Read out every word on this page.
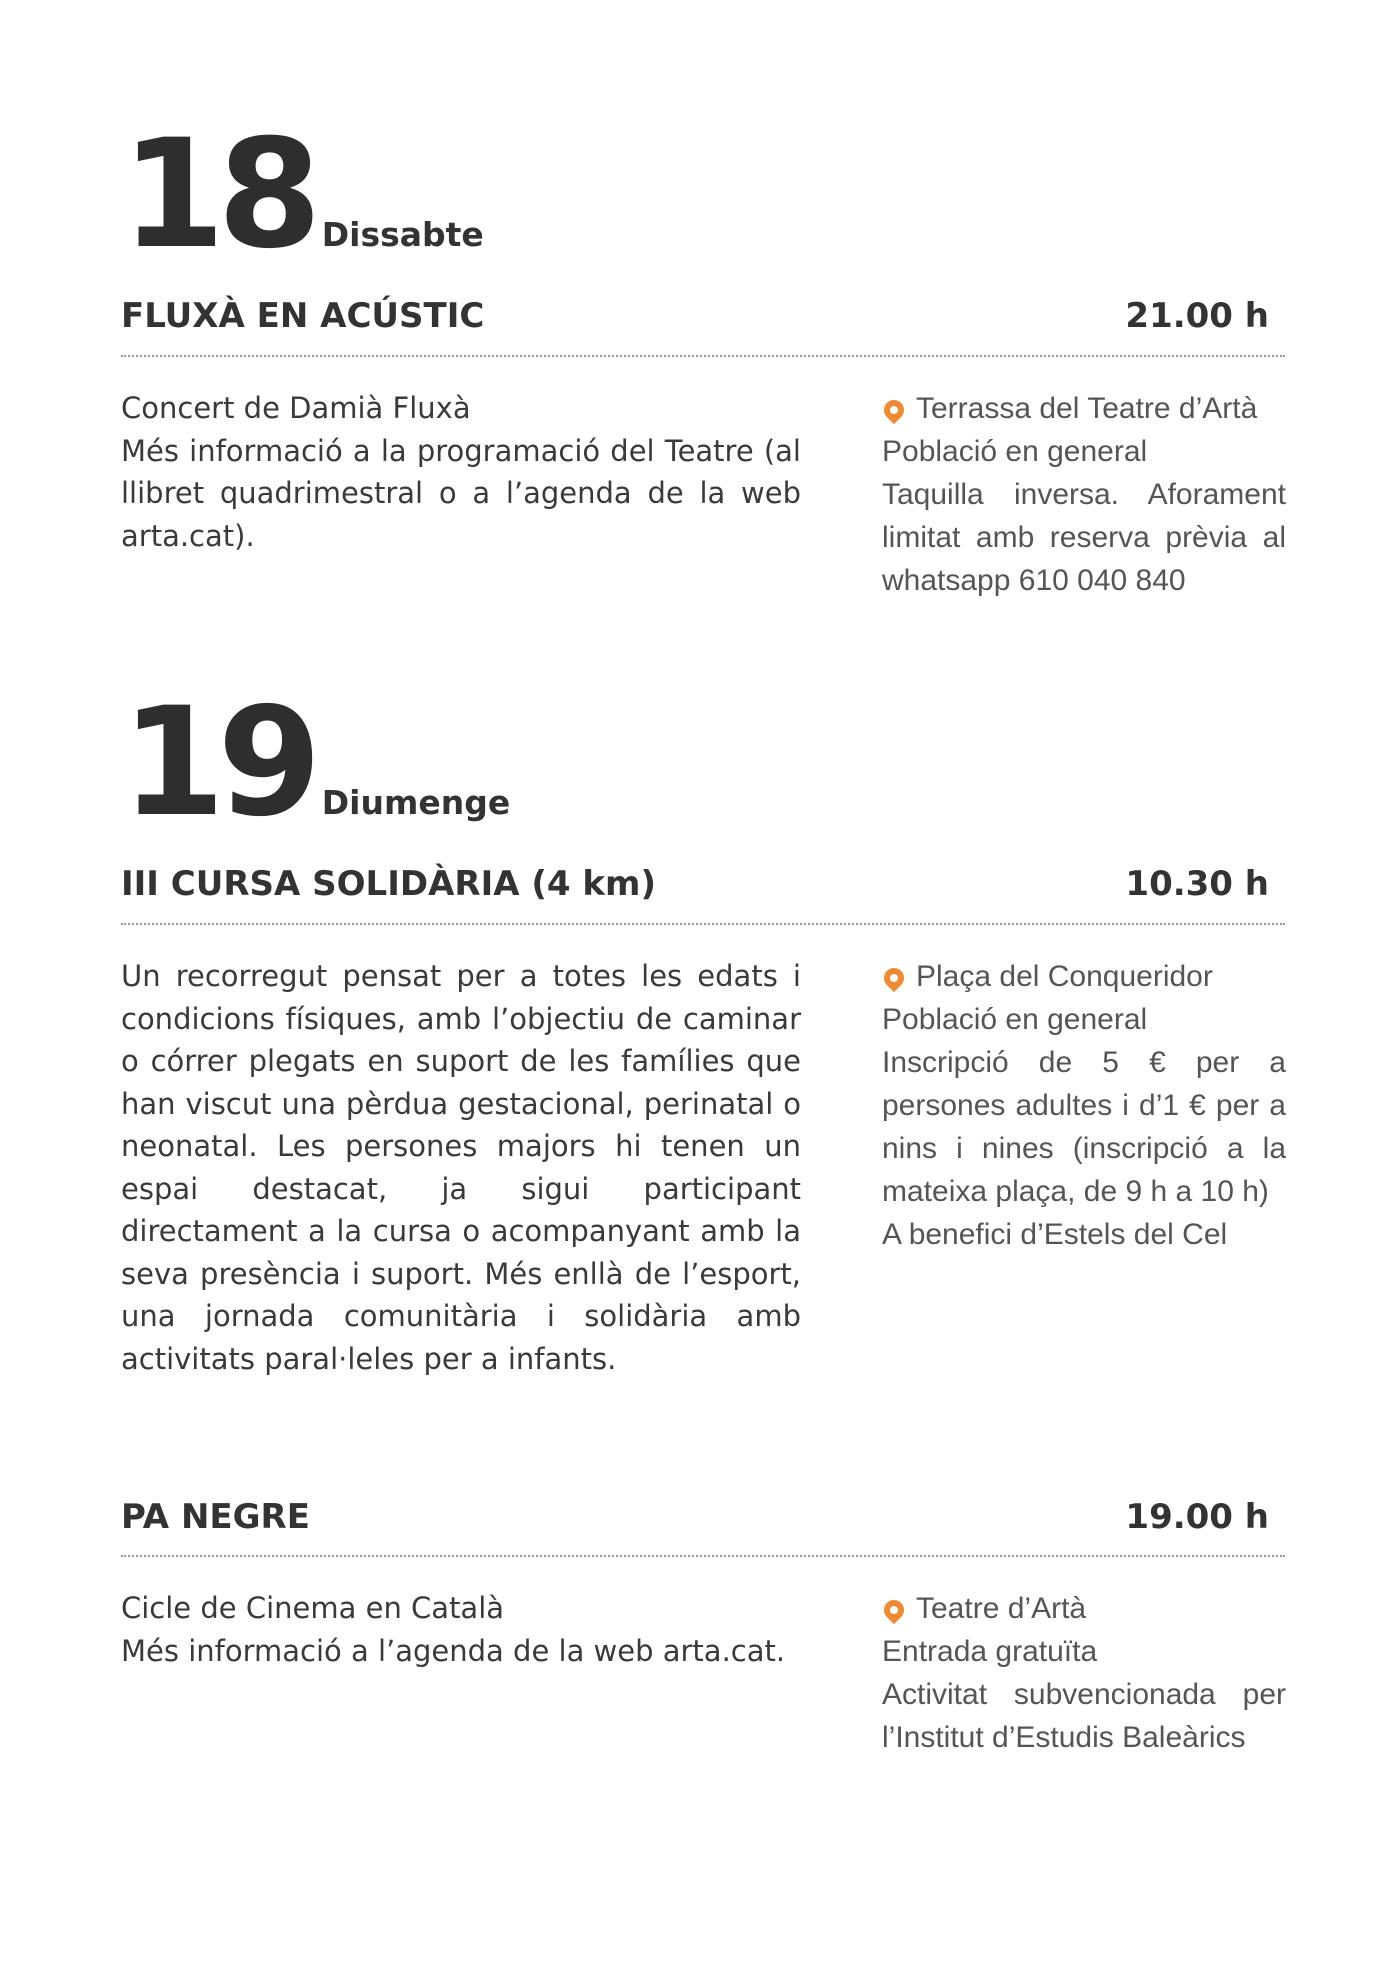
18 Dissabte
FLUXÀ EN ACÚSTIC	21.00 h
Concert de Damià Fluxà
Més informació a la programació del Teatre (al llibret quadrimestral o a l’agenda de la web arta.cat).
Terrassa del Teatre d’Artà
Població en general
Taquilla inversa. Aforament limitat amb reserva prèvia al whatsapp 610 040 840
19 Diumenge
III CURSA SOLIDÀRIA (4 km)	10.30 h
Un recorregut pensat per a totes les edats i condicions físiques, amb l’objectiu de caminar o córrer plegats en suport de les famílies que han viscut una pèrdua gestacional, perinatal o neonatal. Les persones majors hi tenen un espai destacat, ja sigui participant directament a la cursa o acompanyant amb la seva presència i suport. Més enllà de l’esport, una jornada comunitària i solidària amb activitats paral·leles per a infants.
Plaça del Conqueridor
Població en general
Inscripció de 5 € per a persones adultes i d’1 € per a nins i nines (inscripció a la mateixa plaça, de 9 h a 10 h)
A benefici d’Estels del Cel
PA NEGRE	19.00 h
Cicle de Cinema en Català
Més informació a l’agenda de la web arta.cat.
Teatre d’Artà
Entrada gratuïta
Activitat subvencionada per l’Institut d’Estudis Baleàrics
